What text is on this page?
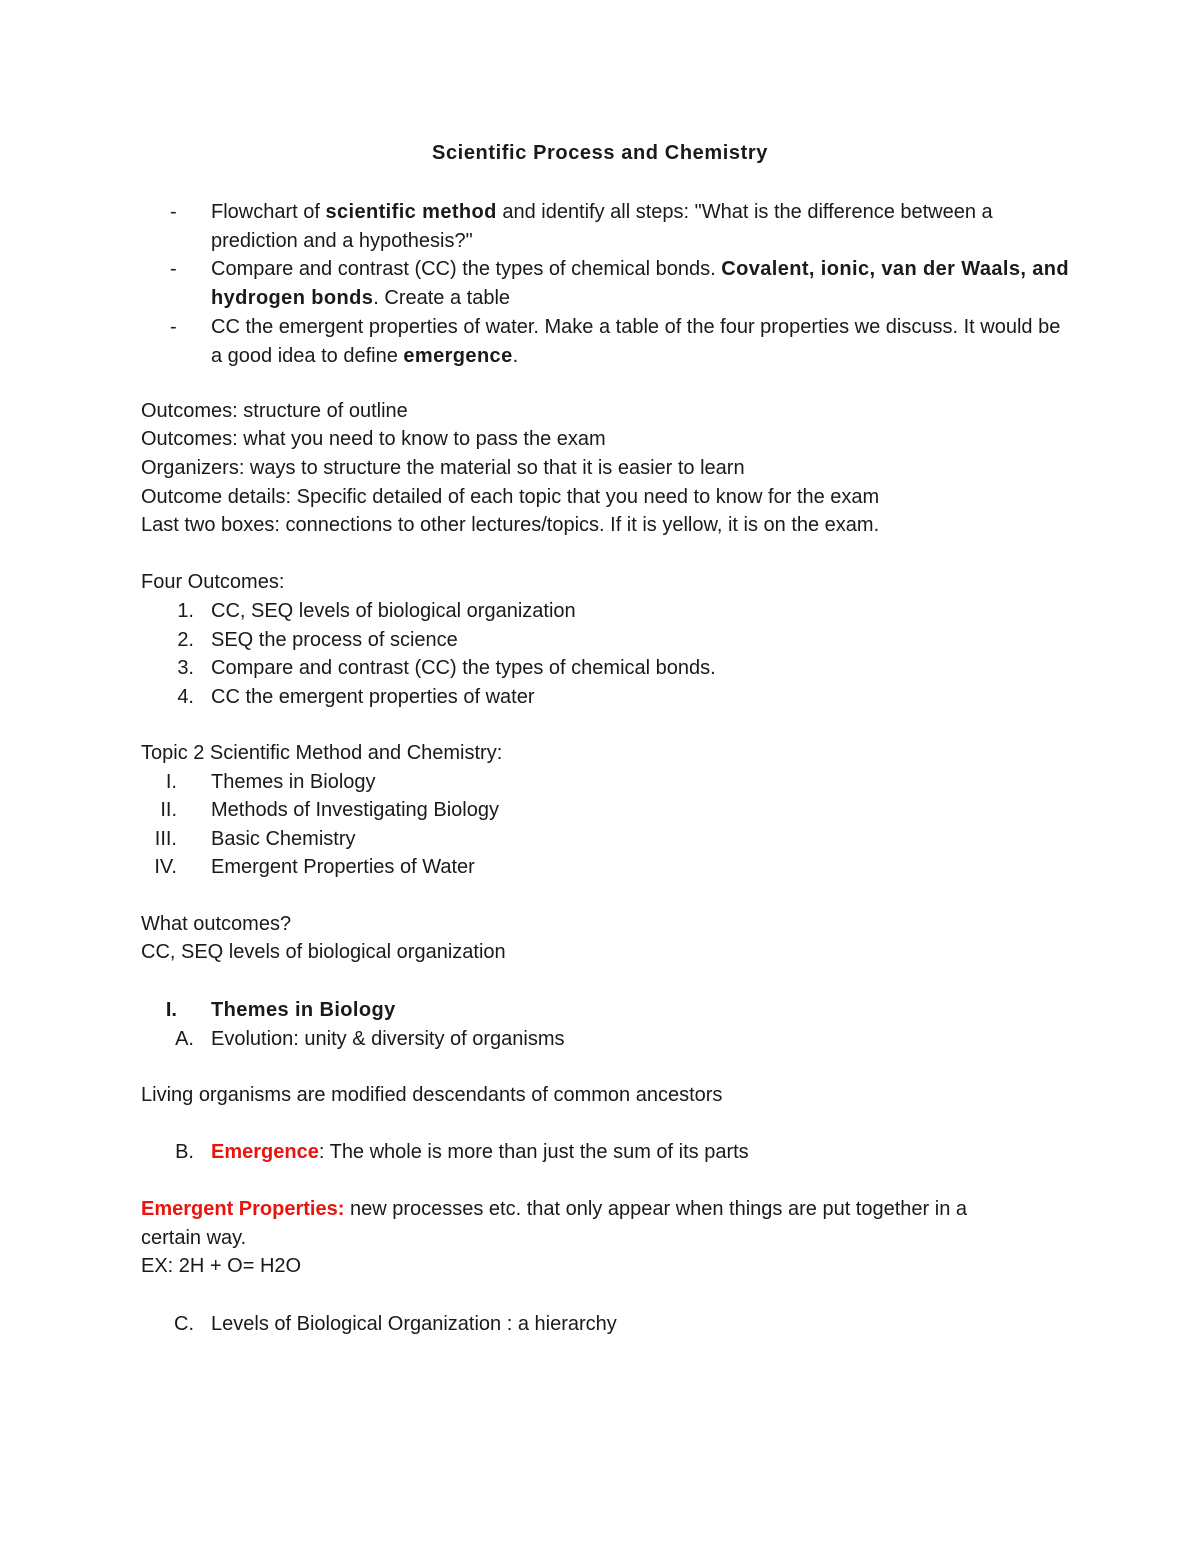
Scientific Process and Chemistry
- Flowchart of scientific method and identify all steps: "What is the difference between a prediction and a hypothesis?"
- Compare and contrast (CC) the types of chemical bonds. Covalent, ionic, van der Waals, and hydrogen bonds. Create a table
- CC the emergent properties of water. Make a table of the four properties we discuss. It would be a good idea to define emergence.
Outcomes: structure of outline
Outcomes: what you need to know to pass the exam
Organizers: ways to structure the material so that it is easier to learn
Outcome details: Specific detailed of each topic that you need to know for the exam
Last two boxes: connections to other lectures/topics. If it is yellow, it is on the exam.
Four Outcomes:
1. CC, SEQ levels of biological organization
2. SEQ the process of science
3. Compare and contrast (CC) the types of chemical bonds.
4. CC the emergent properties of water
Topic 2 Scientific Method and Chemistry:
I. Themes in Biology
II. Methods of Investigating Biology
III. Basic Chemistry
IV. Emergent Properties of Water
What outcomes?
CC, SEQ levels of biological organization
I. Themes in Biology
A. Evolution: unity & diversity of organisms
Living organisms are modified descendants of common ancestors
B. Emergence: The whole is more than just the sum of its parts
Emergent Properties: new processes etc. that only appear when things are put together in a
certain way.
EX: 2H + O= H2O
C. Levels of Biological Organization : a hierarchy
